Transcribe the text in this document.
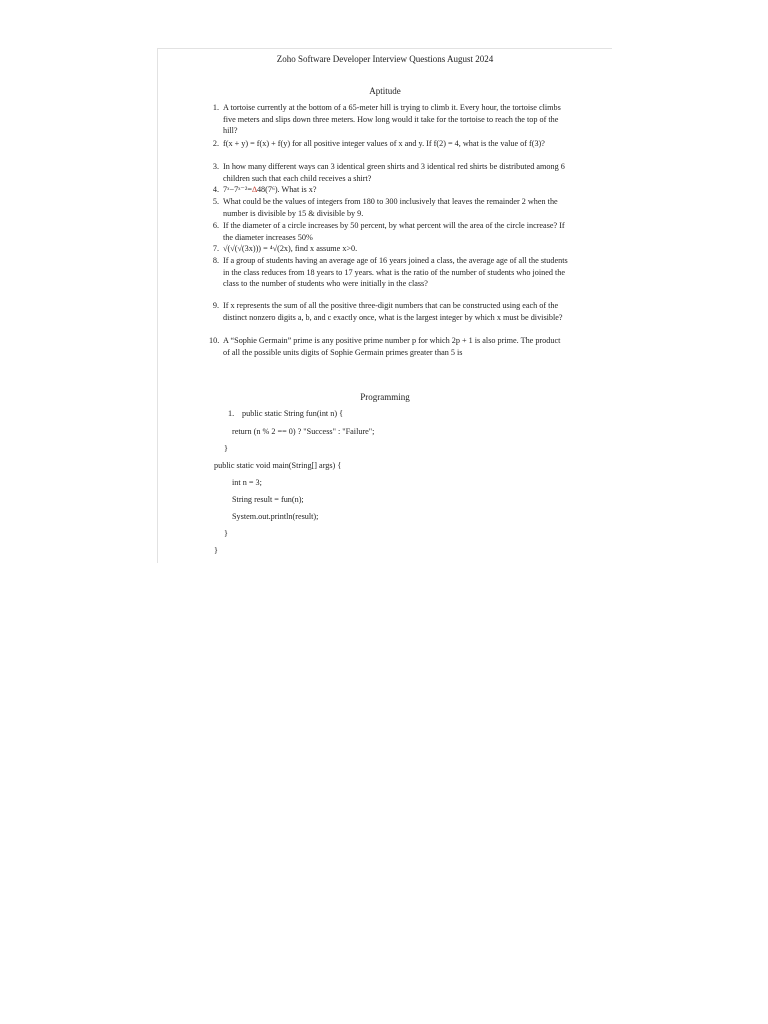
Zoho Software Developer Interview Questions August 2024
Aptitude
1. A tortoise currently at the bottom of a 65-meter hill is trying to climb it. Every hour, the tortoise climbs five meters and slips down three meters. How long would it take for the tortoise to reach the top of the hill?
2. f(x + y) = f(x) + f(y) for all positive integer values of x and y. If f(2) = 4, what is the value of f(3)?
3. In how many different ways can 3 identical green shirts and 3 identical red shirts be distributed among 6 children such that each child receives a shirt?
4. 7ˣ−7ˣ⁻²=∆48(7⁶). What is x?
5. What could be the values of integers from 180 to 300 inclusively that leaves the remainder 2 when the number is divisible by 15 & divisible by 9.
6. If the diameter of a circle increases by 50 percent, by what percent will the area of the circle increase? If the diameter increases 50%
7. √(√(√(3x))) = ⁴√(2x), find x assume x>0.
8. If a group of students having an average age of 16 years joined a class, the average age of all the students in the class reduces from 18 years to 17 years. what is the ratio of the number of students who joined the class to the number of students who were initially in the class?
9. If x represents the sum of all the positive three-digit numbers that can be constructed using each of the distinct nonzero digits a, b, and c exactly once, what is the largest integer by which x must be divisible?
10. A “Sophie Germain” prime is any positive prime number p for which 2p + 1 is also prime. The product of all the possible units digits of Sophie Germain primes greater than 5 is
Programming
1. public static String fun(int n) {
return (n % 2 == 0) ? "Success" : "Failure";
}
public static void main(String[] args) {
int n = 3;
String result = fun(n);
System.out.println(result);
}
}
